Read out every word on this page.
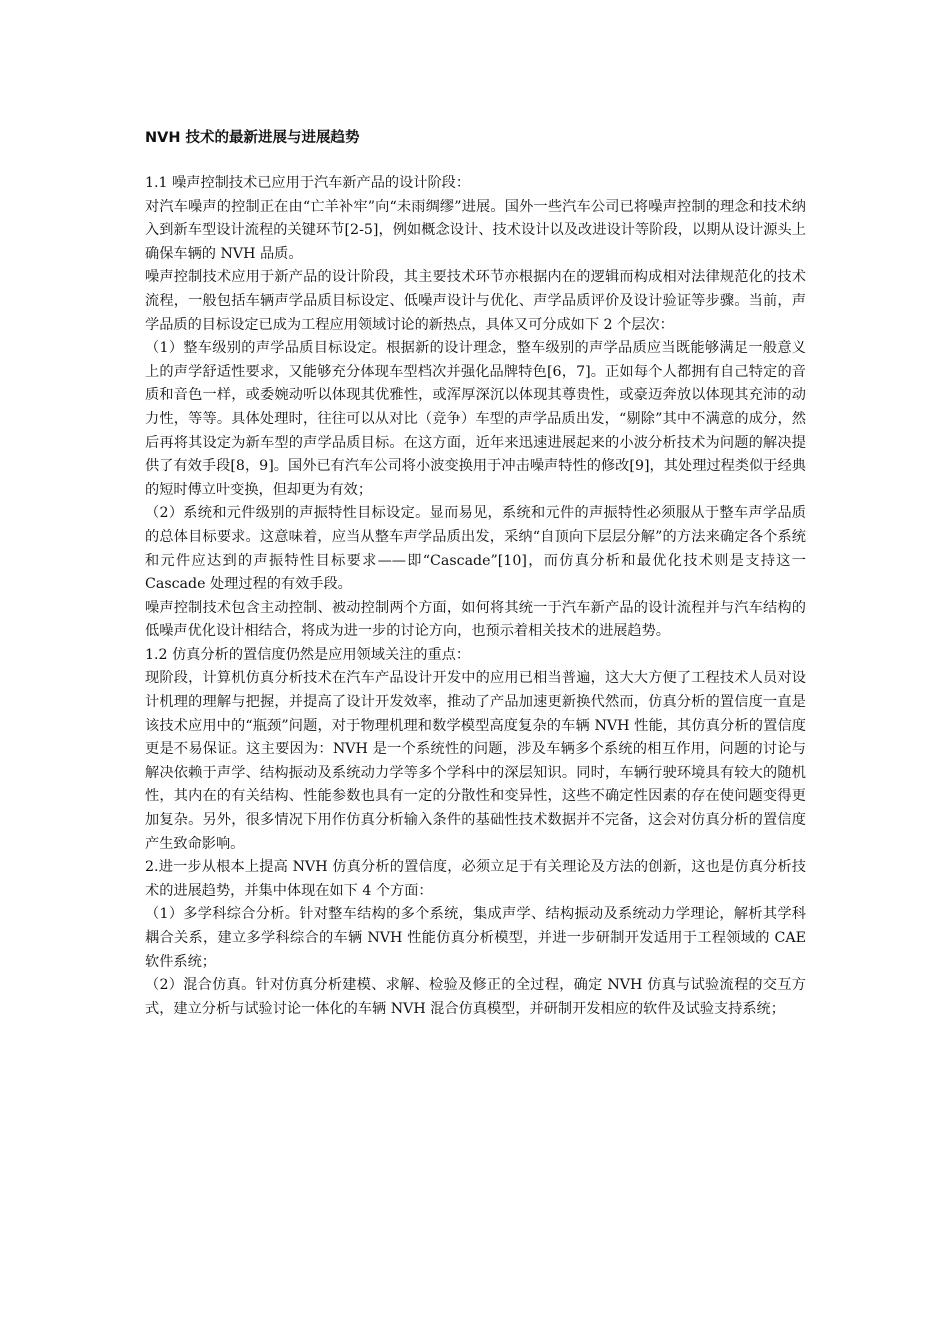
NVH 技术的最新进展与进展趋势

1.1 噪声控制技术已应用于汽车新产品的设计阶段：

对汽车噪声的控制正在由“亡羊补牢”向“未雨绸缪”进展。国外一些汽车公司已将噪声控制的理念和技术纳入到新车型设计流程的关键环节[2-5]，例如概念设计、技术设计以及改进设计等阶段，以期从设计源头上确保车辆的 NVH 品质。

噪声控制技术应用于新产品的设计阶段，其主要技术环节亦根据内在的逻辑而构成相对法律规范化的技术流程，一般包括车辆声学品质目标设定、低噪声设计与优化、声学品质评价及设计验证等步骤。当前，声学品质的目标设定已成为工程应用领域讨论的新热点，具体又可分成如下 2 个层次：

（1）整车级别的声学品质目标设定。根据新的设计理念，整车级别的声学品质应当既能够满足一般意义上的声学舒适性要求，又能够充分体现车型档次并强化品牌特色[6，7]。正如每个人都拥有自己特定的音质和音色一样，或委婉动听以体现其优雅性，或浑厚深沉以体现其尊贵性，或豪迈奔放以体现其充沛的动力性，等等。具体处理时，往往可以从对比（竞争）车型的声学品质出发，“剔除”其中不满意的成分，然后再将其设定为新车型的声学品质目标。在这方面，近年来迅速进展起来的小波分析技术为问题的解决提供了有效手段[8，9]。国外已有汽车公司将小波变换用于冲击噪声特性的修改[9]，其处理过程类似于经典的短时傅立叶变换，但却更为有效；

（2）系统和元件级别的声振特性目标设定。显而易见，系统和元件的声振特性必须服从于整车声学品质的总体目标要求。这意味着，应当从整车声学品质出发，采纳“自顶向下层层分解”的方法来确定各个系统和元件应达到的声振特性目标要求——即“Cascade”[10]，而仿真分析和最优化技术则是支持这一 Cascade 处理过程的有效手段。

噪声控制技术包含主动控制、被动控制两个方面，如何将其统一于汽车新产品的设计流程并与汽车结构的低噪声优化设计相结合，将成为进一步的讨论方向，也预示着相关技术的进展趋势。

1.2 仿真分析的置信度仍然是应用领域关注的重点：

现阶段，计算机仿真分析技术在汽车产品设计开发中的应用已相当普遍，这大大方便了工程技术人员对设计机理的理解与把握，并提高了设计开发效率，推动了产品加速更新换代然而，仿真分析的置信度一直是该技术应用中的“瓶颈”问题，对于物理机理和数学模型高度复杂的车辆 NVH 性能，其仿真分析的置信度更是不易保证。这主要因为：NVH 是一个系统性的问题，涉及车辆多个系统的相互作用，问题的讨论与解决依赖于声学、结构振动及系统动力学等多个学科中的深层知识。同时，车辆行驶环境具有较大的随机性，其内在的有关结构、性能参数也具有一定的分散性和变异性，这些不确定性因素的存在使问题变得更加复杂。另外，很多情况下用作仿真分析输入条件的基础性技术数据并不完备，这会对仿真分析的置信度产生致命影响。

2.进一步从根本上提高 NVH 仿真分析的置信度，必须立足于有关理论及方法的创新，这也是仿真分析技术的进展趋势，并集中体现在如下 4 个方面：

（1）多学科综合分析。针对整车结构的多个系统，集成声学、结构振动及系统动力学理论，解析其学科耦合关系，建立多学科综合的车辆 NVH 性能仿真分析模型，并进一步研制开发适用于工程领域的 CAE 软件系统；

（2）混合仿真。针对仿真分析建模、求解、检验及修正的全过程，确定 NVH 仿真与试验流程的交互方式，建立分析与试验讨论一体化的车辆 NVH 混合仿真模型，并研制开发相应的软件及试验支持系统；
